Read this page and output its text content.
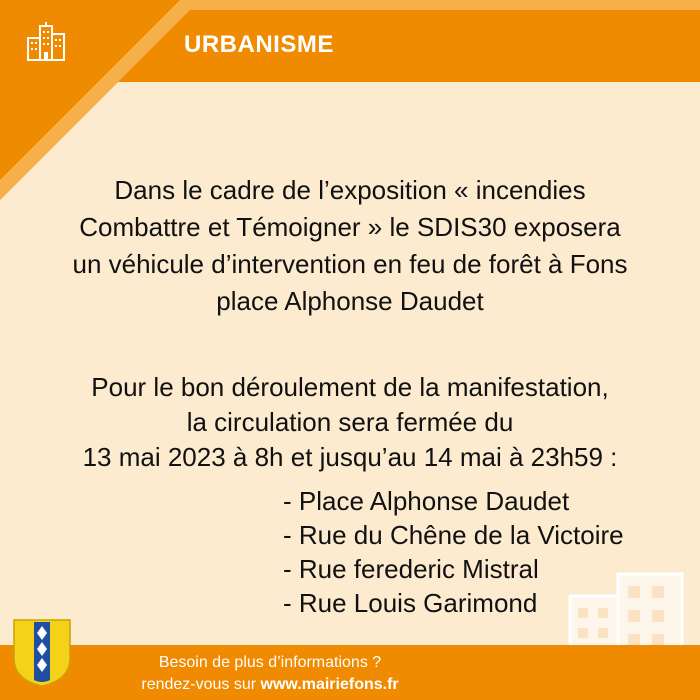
URBANISME

Dans le cadre de l’exposition « incendies

Combattre et Témoigner » le SDIS30 exposera

un véhicule d’intervention en feu de forêt à Fons

place Alphonse Daudet

Pour le bon déroulement de la manifestation,

la circulation sera fermée du

13 mai 2023 à 8h et jusqu’au 14 mai à 23h59 :

- Place Alphonse Daudet
- Rue du Chêne de la Victoire
- Rue ferederic Mistral
- Rue Louis Garimond

Besoin de plus d’informations ?

rendez-vous sur www.mairiefons.fr
